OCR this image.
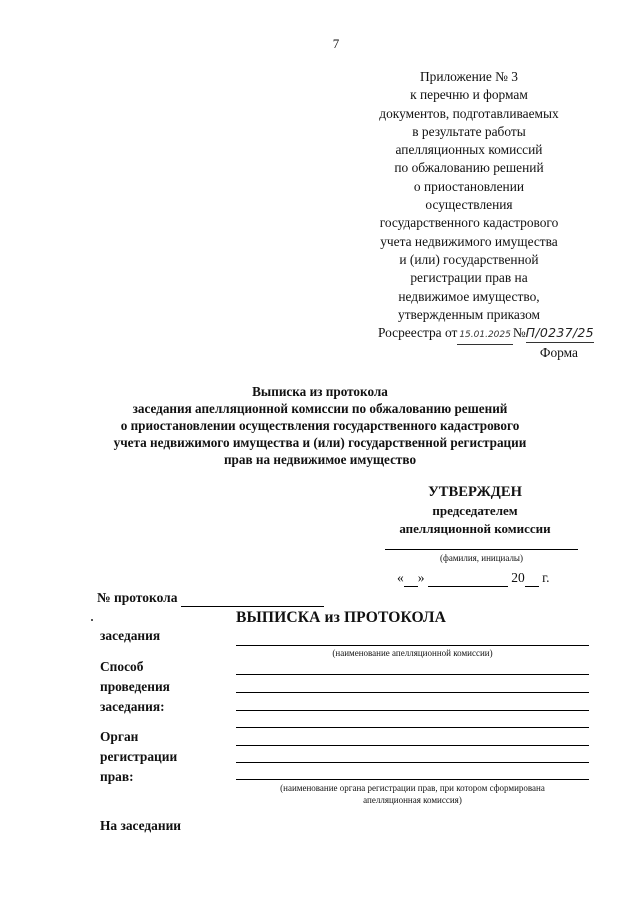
7
Приложение № 3
к перечню и формам
документов, подготавливаемых
в результате работы
апелляционных комиссий
по обжалованию решений
о приостановлении
осуществления
государственного кадастрового
учета недвижимого имущества
и (или) государственной
регистрации прав на
недвижимое имущество,
утвержденным приказом
Росреестра от 15.01.2025 №П/0237/25
Форма
Выписка из протокола
заседания апелляционной комиссии по обжалованию решений
о приостановлении осуществления государственного кадастрового
учета недвижимого имущества и (или) государственной регистрации
прав на недвижимое имущество
УТВЕРЖДЕН
председателем
апелляционной комиссии
(фамилия, инициалы)
« »	20 г.
№ протокола
ВЫПИСКА из ПРОТОКОЛА
заседания
(наименование апелляционной комиссии)
Способ
проведения
заседания:
Орган
регистрации
прав:
(наименование органа регистрации прав, при котором сформирована
апелляционная комиссия)
На заседании
